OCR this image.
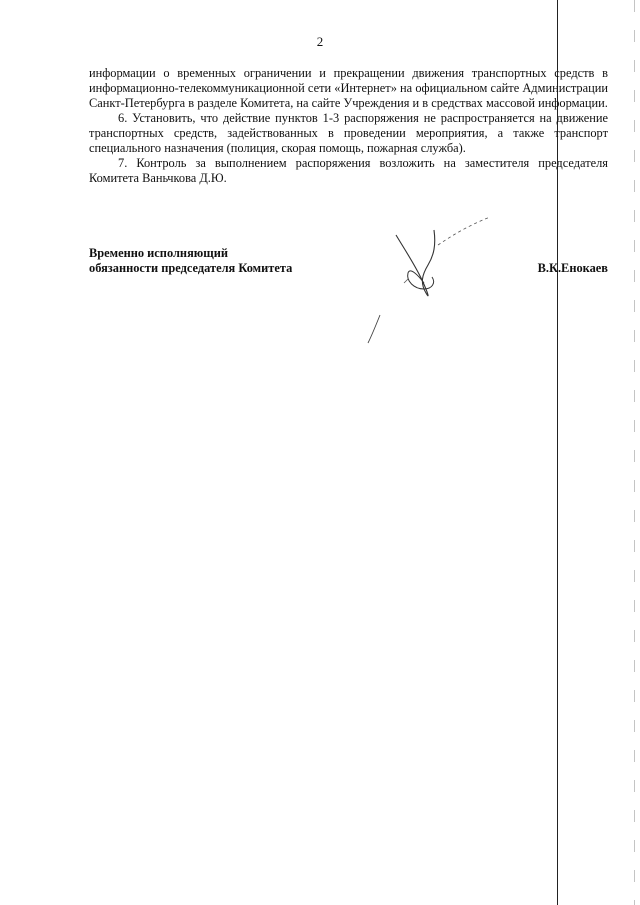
2

информации о временных ограничении и прекращении движения транспортных средств в информационно-телекоммуникационной сети «Интернет» на официальном сайте Администрации Санкт-Петербурга в разделе Комитета, на сайте Учреждения и в средствах массовой информации.

6. Установить, что действие пунктов 1-3 распоряжения не распространяется на движение транспортных средств, задействованных в проведении мероприятия, а также транспорт специального назначения (полиция, скорая помощь, пожарная служба).

7. Контроль за выполнением распоряжения возложить на заместителя председателя Комитета Ваньчкова Д.Ю.

Временно исполняющий
обязанности председателя Комитета	В.К.Енокаев
